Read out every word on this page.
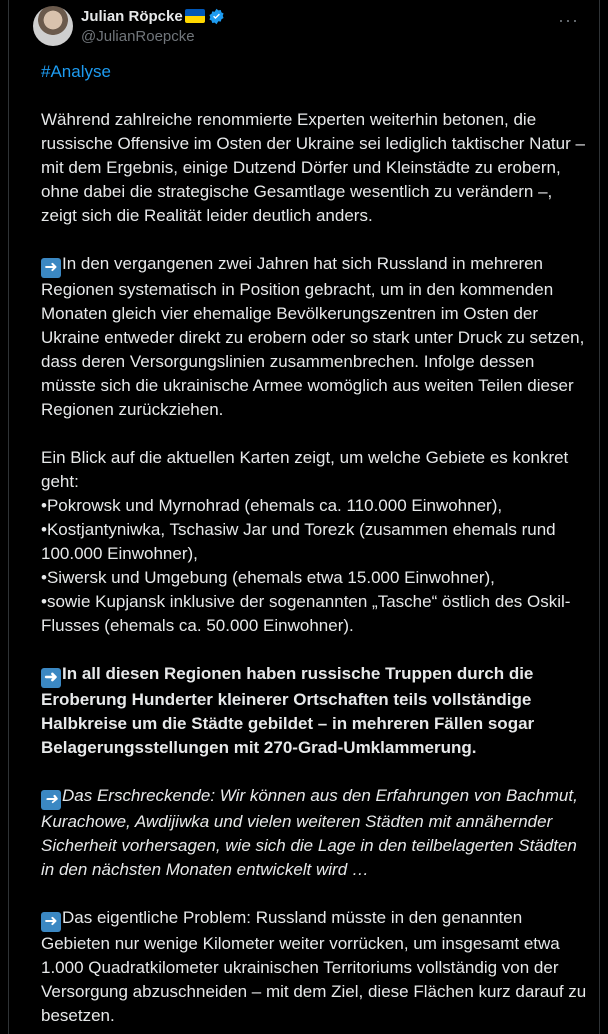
Julian Röpcke
@JulianRoepcke
···

#Analyse

Während zahlreiche renommierte Experten weiterhin betonen, die russische Offensive im Osten der Ukraine sei lediglich taktischer Natur – mit dem Ergebnis, einige Dutzend Dörfer und Kleinstädte zu erobern, ohne dabei die strategische Gesamtlage wesentlich zu verändern –, zeigt sich die Realität leider deutlich anders.

➜ In den vergangenen zwei Jahren hat sich Russland in mehreren Regionen systematisch in Position gebracht, um in den kommenden Monaten gleich vier ehemalige Bevölkerungszentren im Osten der Ukraine entweder direkt zu erobern oder so stark unter Druck zu setzen, dass deren Versorgungslinien zusammenbrechen. Infolge dessen müsste sich die ukrainische Armee womöglich aus weiten Teilen dieser Regionen zurückziehen.

Ein Blick auf die aktuellen Karten zeigt, um welche Gebiete es konkret geht:

•Pokrowsk und Myrnohrad (ehemals ca. 110.000 Einwohner),

•Kostjantyniwka, Tschasiw Jar und Torezk (zusammen ehemals rund 100.000 Einwohner),

•Siwersk und Umgebung (ehemals etwa 15.000 Einwohner),

•sowie Kupjansk inklusive der sogenannten „Tasche“ östlich des Oskil-Flusses (ehemals ca. 50.000 Einwohner).

➜ In all diesen Regionen haben russische Truppen durch die Eroberung Hunderter kleinerer Ortschaften teils vollständige Halbkreise um die Städte gebildet – in mehreren Fällen sogar Belagerungsstellungen mit 270-Grad-Umklammerung.

➜ Das Erschreckende: Wir können aus den Erfahrungen von Bachmut, Kurachowe, Awdijiwka und vielen weiteren Städten mit annähernder Sicherheit vorhersagen, wie sich die Lage in den teilbelagerten Städten in den nächsten Monaten entwickelt wird …

➜ Das eigentliche Problem: Russland müsste in den genannten Gebieten nur wenige Kilometer weiter vorrücken, um insgesamt etwa 1.000 Quadratkilometer ukrainischen Territoriums vollständig von der Versorgung abzuschneiden – mit dem Ziel, diese Flächen kurz darauf zu besetzen.
